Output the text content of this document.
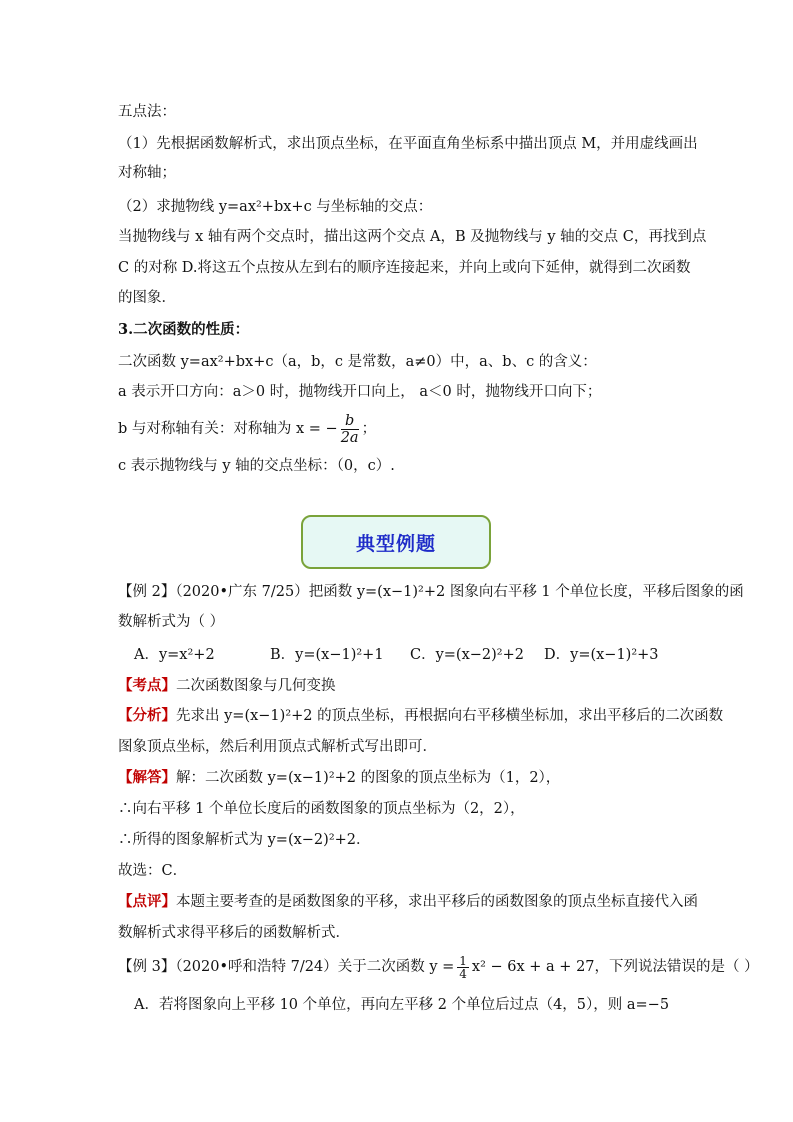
五点法：
（1）先根据函数解析式，求出顶点坐标，在平面直角坐标系中描出顶点 M，并用虚线画出
对称轴；
（2）求抛物线 y=ax²+bx+c 与坐标轴的交点：
当抛物线与 x 轴有两个交点时，描出这两个交点 A，B 及抛物线与 y 轴的交点 C，再找到点
C 的对称 D.将这五个点按从左到右的顺序连接起来，并向上或向下延伸，就得到二次函数
的图象．
3.二次函数的性质：
二次函数 y=ax²+bx+c（a，b，c 是常数，a≠0）中，a、b、c 的含义：
a 表示开口方向：a＞0 时，抛物线开口向上， a＜0 时，抛物线开口向下；
b 与对称轴有关：对称轴为 x = − $\frac{b}{2a}$ ；
c 表示抛物线与 y 轴的交点坐标：（0，c）.
典型例题
【例 2】（2020•广东 7/25）把函数 y=(x−1)²+2 图象向右平移 1 个单位长度，平移后图象的函
数解析式为（ ）
A．y=x²+2	B．y=(x−1)²+1 C．y=(x−2)²+2 D．y=(x−1)²+3
【考点】二次函数图象与几何变换
【分析】先求出 y=(x−1)²+2 的顶点坐标，再根据向右平移横坐标加，求出平移后的二次函数
图象顶点坐标，然后利用顶点式解析式写出即可．
【解答】解：二次函数 y=(x−1)²+2 的图象的顶点坐标为（1，2），
∴向右平移 1 个单位长度后的函数图象的顶点坐标为（2，2），
∴所得的图象解析式为 y=(x−2)²+2．
故选：C．
【点评】本题主要考查的是函数图象的平移，求出平移后的函数图象的顶点坐标直接代入函
数解析式求得平移后的函数解析式．
【例 3】（2020•呼和浩特 7/24）关于二次函数 $y = \frac{1}{4} x^2 - 6x + a + 27$，下列说法错误的是（ ）
A．若将图象向上平移 10 个单位，再向左平移 2 个单位后过点（4，5），则 a=−5
